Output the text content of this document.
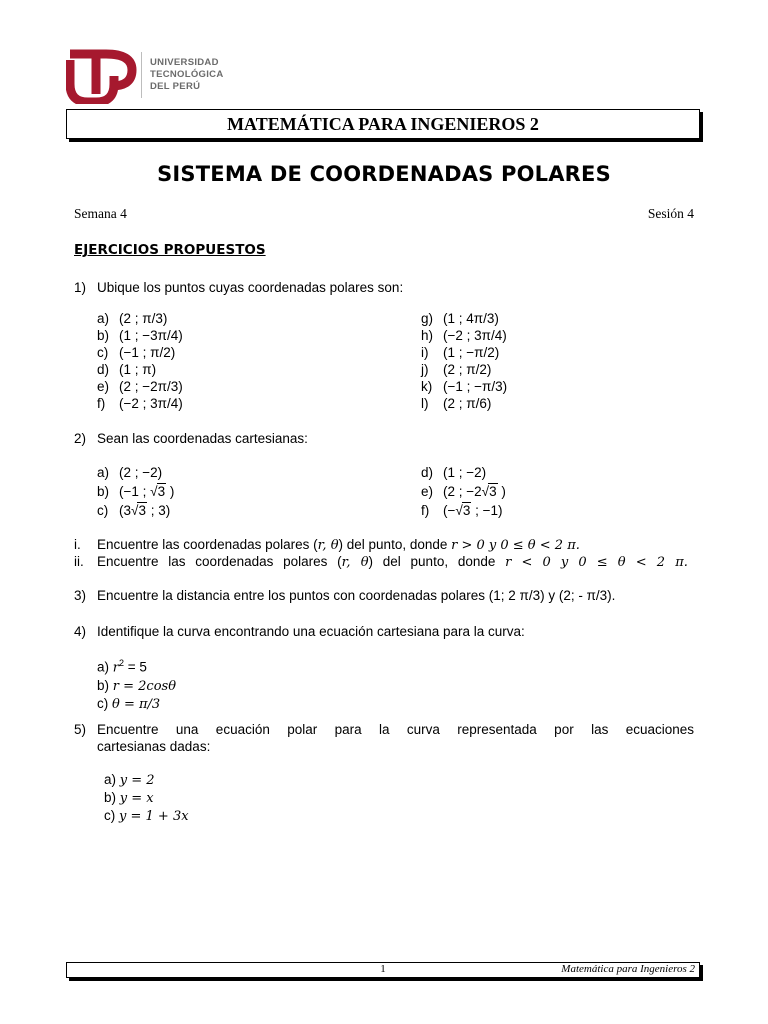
UNIVERSIDAD
TECNOLÓGICA
DEL PERÚ
MATEMÁTICA PARA INGENIEROS 2
SISTEMA DE COORDENADAS POLARES
Semana 4	Sesión 4
EJERCICIOS PROPUESTOS
1) Ubique los puntos cuyas coordenadas polares son:
a) (2 ; π/3)
b) (1 ; −3π/4)
c) (−1 ; π/2)
d) (1 ; π)
e) (2 ; −2π/3)
f) (−2 ; 3π/4)
g) (1 ; 4π/3)
h) (−2 ; 3π/4)
i) (1 ; −π/2)
j) (2 ; π/2)
k) (−1 ; −π/3)
l) (2 ; π/6)
2) Sean las coordenadas cartesianas:
a) (2 ; −2)
b) (−1 ; √3 )
c) (3√3 ; 3)
d) (1 ; −2)
e) (2 ; −2√3 )
f) (−√3 ; −1)
i. Encuentre las coordenadas polares (r, θ) del punto, donde r > 0 y 0 ≤ θ < 2 π.
ii. Encuentre las coordenadas polares (r, θ) del punto, donde r < 0 y 0 ≤ θ < 2 π.
3) Encuentre la distancia entre los puntos con coordenadas polares (1; 2 π/3) y (2; - π/3).
4) Identifique la curva encontrando una ecuación cartesiana para la curva:
a) $r^2 = 5$
b) r = 2cosθ
c) θ = π/3
5) Encuentre una ecuación polar para la curva representada por las ecuaciones
cartesianas dadas:
a) y = 2
b) y = x
c) y = 1 + 3x
1	Matemática para Ingenieros 2
